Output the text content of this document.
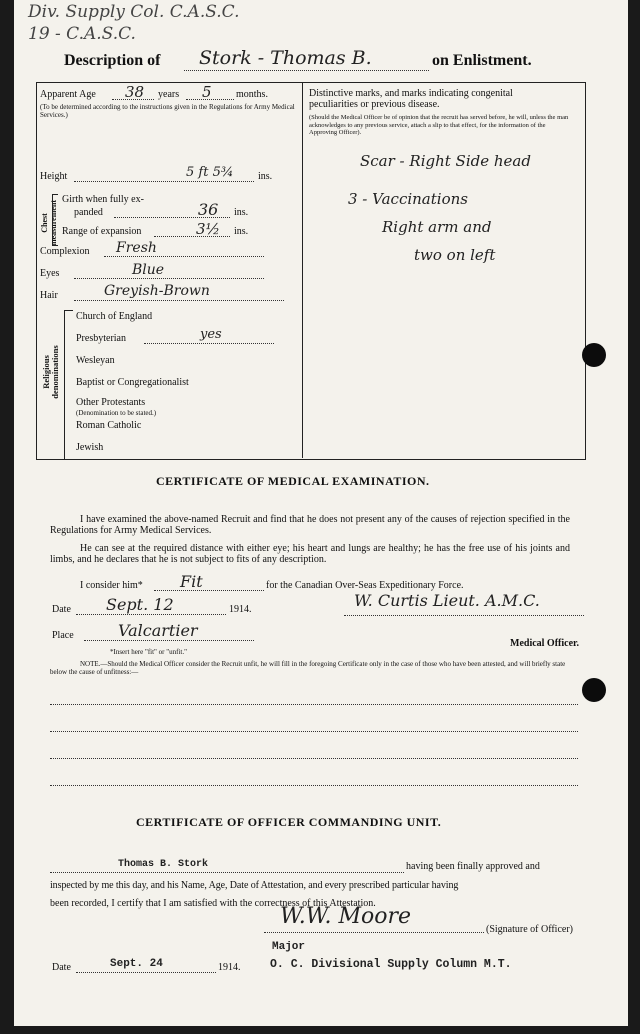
Div. Supply Col. C.A.S.C.
19 - C.A.S.C.
Description of Stork - Thomas B.	on Enlistment.
Apparent Age 38 years 5 months.
(To be determined according to the instructions given in the Regulations for Army Medical Services.)
Height	5 ft 5¾ ins.
Chest measurement
Girth when fully ex-
panded	36 ins.
Range of expansion	3½ ins.
Complexion Fresh
Eyes	Blue
Hair	Greyish-Brown
Religious denominations
Church of England
Presbyterian	yes
Wesleyan
Baptist or Congregationalist
Other Protestants
(Denomination to be stated.)
Roman Catholic
Jewish
Distinctive marks, and marks indicating congenital
peculiarities or previous disease.
(Should the Medical Officer be of opinion that the recruit has served before, he will, unless the man acknowledges to any previous service, attach a slip to that effect, for the information of the Approving Officer).
Scar - Right Side head
3 - Vaccinations
Right arm and
two on left
CERTIFICATE OF MEDICAL EXAMINATION.
I have examined the above-named Recruit and find that he does not present any of the causes of rejection specified in the Regulations for Army Medical Services.
He can see at the required distance with either eye; his heart and lungs are healthy; he has the free use of his joints and limbs, and he declares that he is not subject to fits of any description.
I consider him* Fit	for the Canadian Over-Seas Expeditionary Force.
Date Sept. 12	1914.	W. Curtis Lieut. A.M.C.
Place	Valcartier
Medical Officer.
*Insert here "fit" or "unfit."
NOTE.—Should the Medical Officer consider the Recruit unfit, he will fill in the foregoing Certificate only in the case of those who have been attested, and will briefly state below the cause of unfitness:—
CERTIFICATE OF OFFICER COMMANDING UNIT.
Thomas B. Stork	having been finally approved and
inspected by me this day, and his Name, Age, Date of Attestation, and every prescribed particular having
been recorded, I certify that I am satisfied with the correctness of this Attestation.
W.W. Moore
(Signature of Officer)
Major
Date	Sept. 24	1914.	O. C. Divisional Supply Column M.T.
